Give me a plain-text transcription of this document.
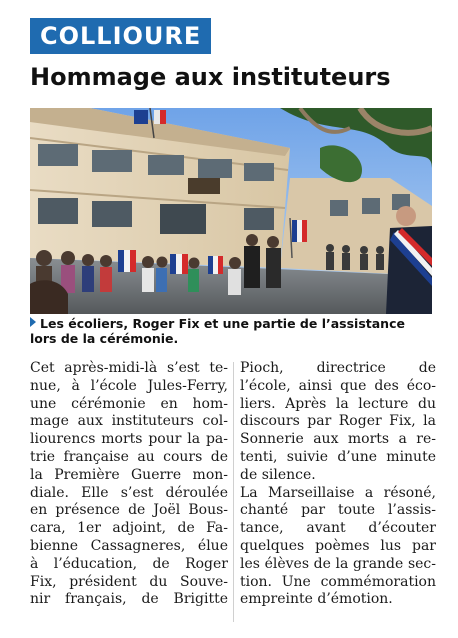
COLLIOURE
Hommage aux instituteurs
Les écoliers, Roger Fix et une partie de l’assistance lors de la cérémonie.
Cet après-midi-là s’est te-
nue, à l’école Jules-Ferry,
une cérémonie en hom-
mage aux instituteurs col-
liourencs morts pour la pa-
trie française au cours de
la Première Guerre mon-
diale. Elle s’est déroulée
en présence de Joël Bous-
cara, 1er adjoint, de Fa-
bienne Cassagneres, élue
à l’éducation, de Roger
Fix, président du Souve-
nir français, de Brigitte
Pioch, directrice de
l’école, ainsi que des éco-
liers. Après la lecture du
discours par Roger Fix, la
Sonnerie aux morts a re-
tenti, suivie d’une minute
de silence.
La Marseillaise a résoné,
chanté par toute l’assis-
tance, avant d’écouter
quelques poèmes lus par
les élèves de la grande sec-
tion. Une commémoration
empreinte d’émotion.
